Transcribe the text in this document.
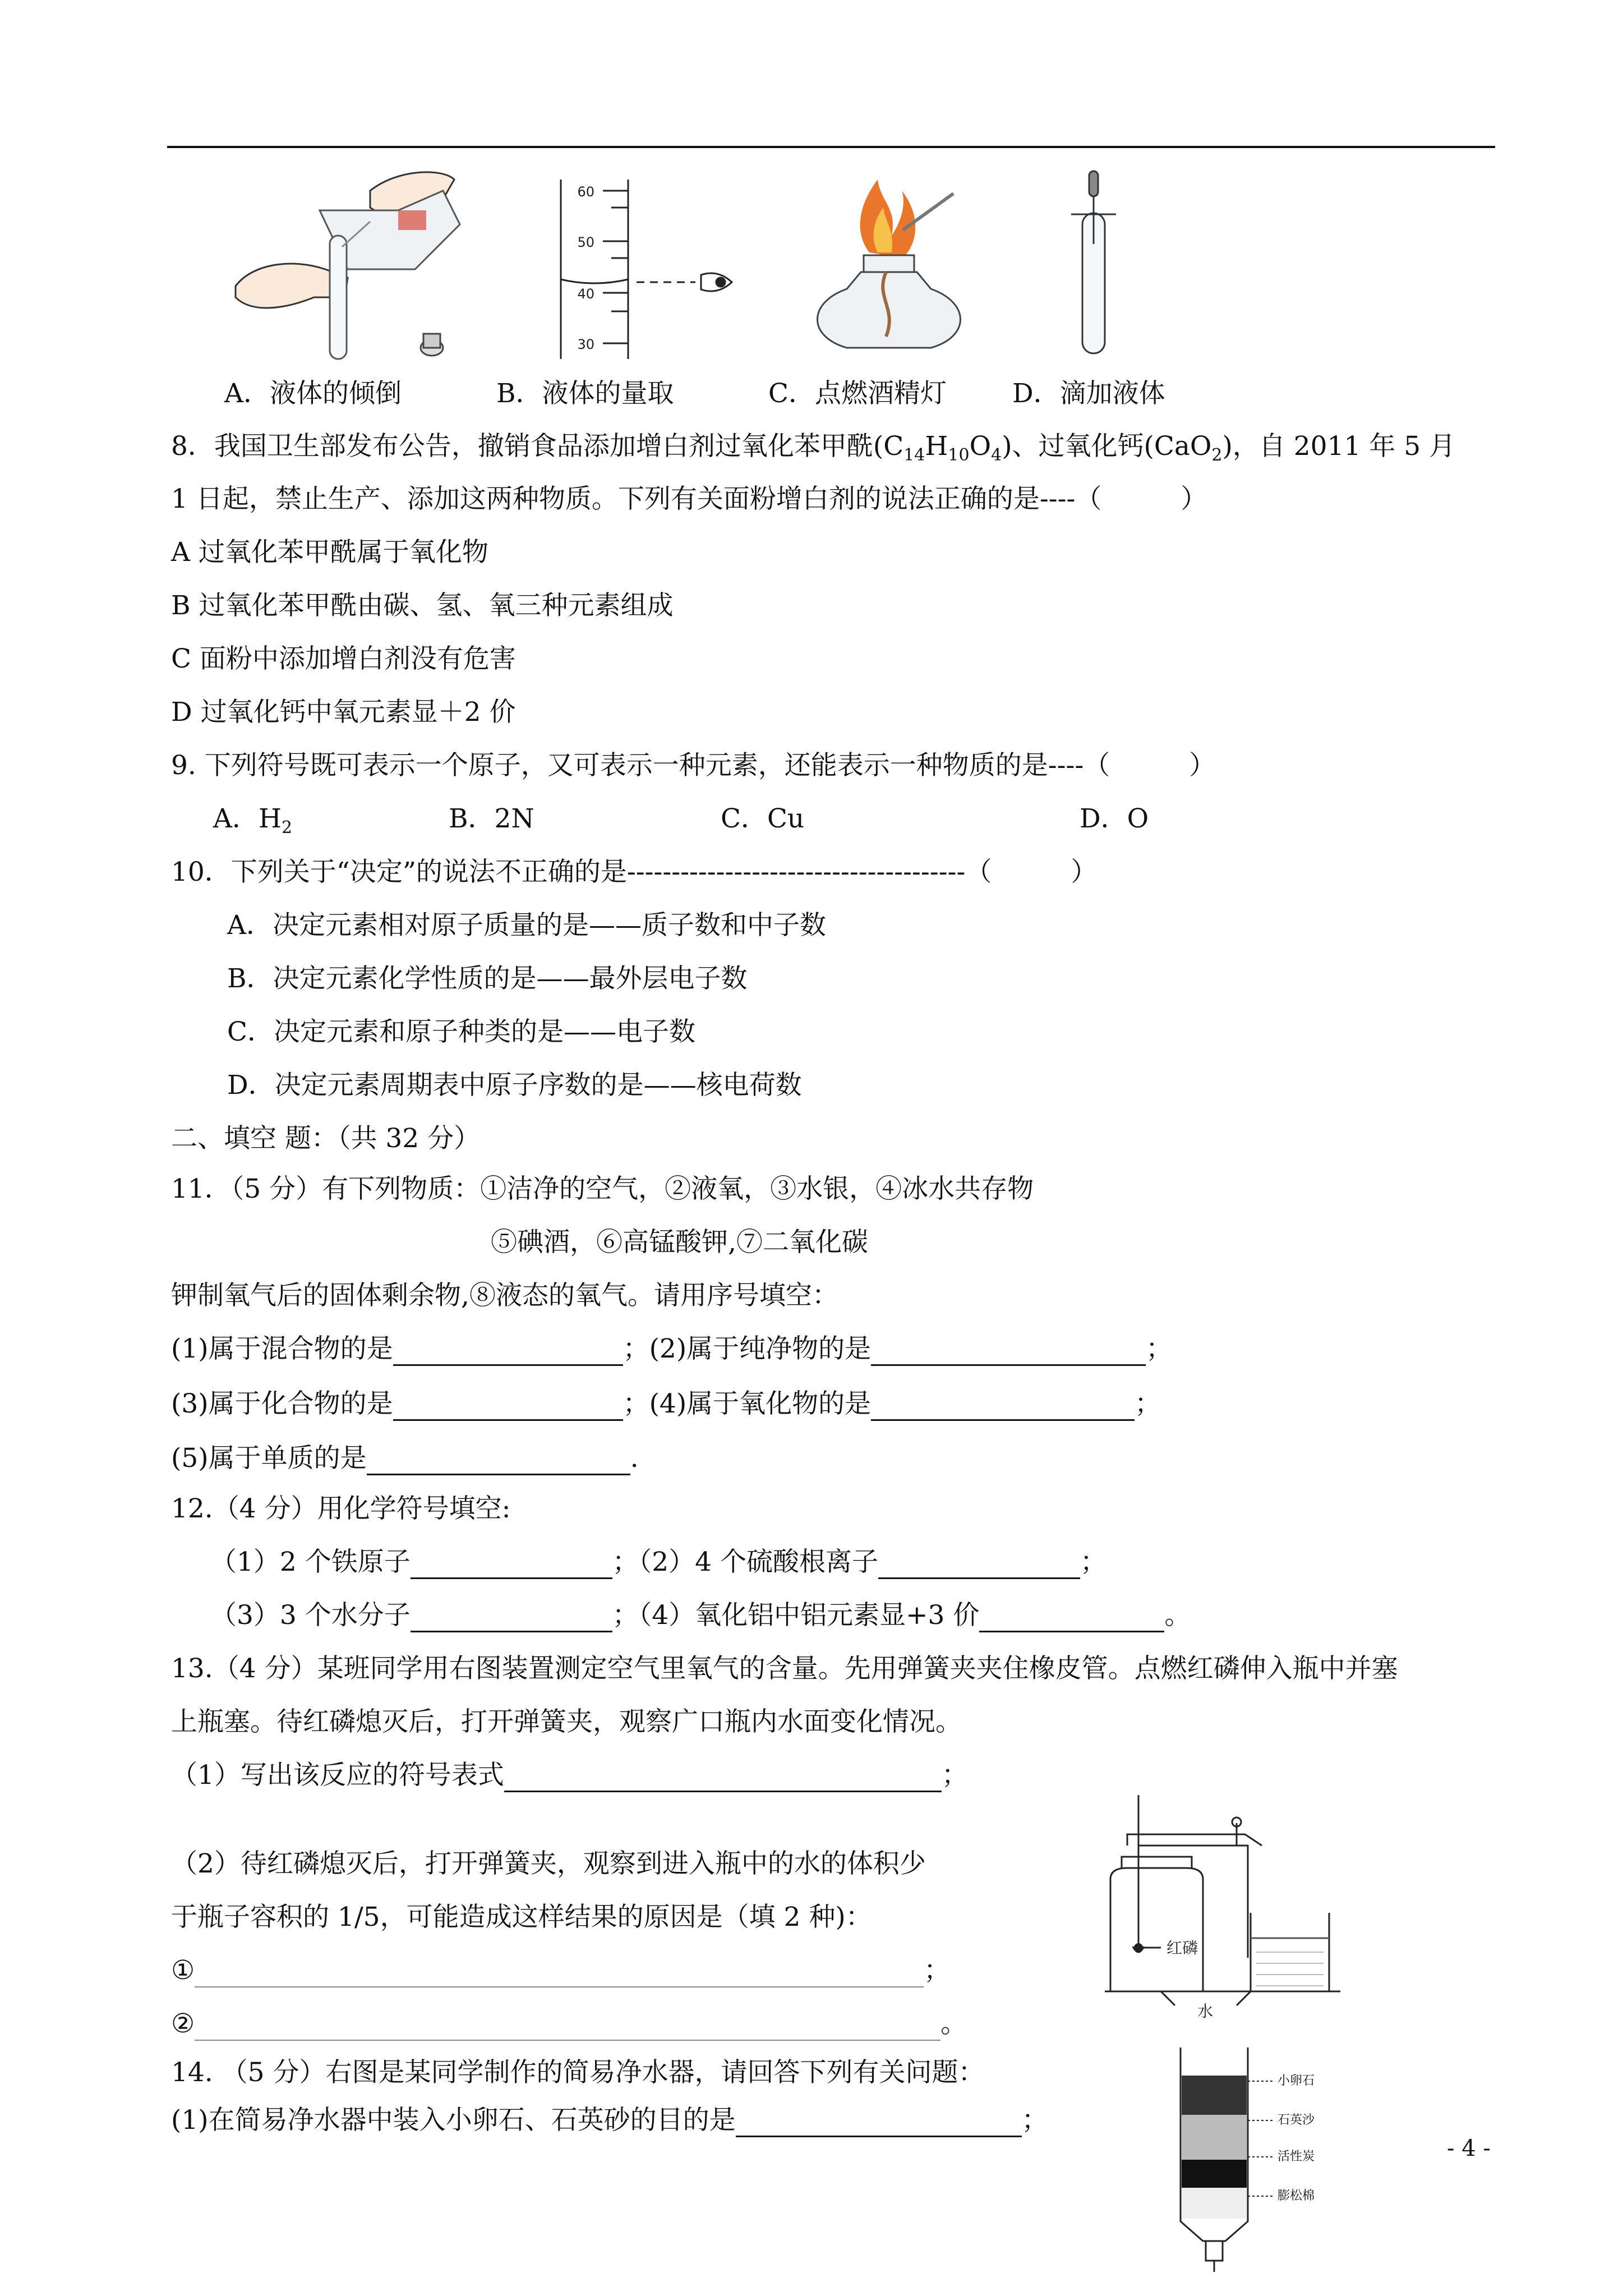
60
50
40
30
A．液体的倾倒	B．液体的量取	C．点燃酒精灯 D．滴加液体
8．我国卫生部发布公告，撤销食品添加增白剂过氧化苯甲酰$(C_{14}H_{10}O_4)$、过氧化钙(CaO$_2$)，自 2011 年 5 月
1 日起，禁止生产、添加这两种物质。下列有关面粉增白剂的说法正确的是----（　　　）
A 过氧化苯甲酰属于氧化物
B 过氧化苯甲酰由碳、氢、氧三种元素组成
C 面粉中添加增白剂没有危害
D 过氧化钙中氧元素显＋2 价
9. 下列符号既可表示一个原子，又可表示一种元素，还能表示一种物质的是----（　　　）
A．$H_2$	B．2N	C．Cu	D．O
10．下列关于“决定”的说法不正确的是--------------------------------------（　　　）
A．决定元素相对原子质量的是——质子数和中子数
B．决定元素化学性质的是——最外层电子数
C．决定元素和原子种类的是——电子数
D．决定元素周期表中原子序数的是——核电荷数
二、填空 题：（共 32 分）
11．（5 分）有下列物质：①洁净的空气，②液氧，③水银，④冰水共存物
⑤碘酒，⑥高锰酸钾,⑦二氧化碳
钾制氧气后的固体剩余物,⑧液态的氧气。请用序号填空：
(1)属于混合物的是	；(2)属于纯净物的是	；
(3)属于化合物的是	；(4)属于氧化物的是	；
(5)属于单质的是	.
12.（4 分）用化学符号填空:
（1）2 个铁原子	；（2）4 个硫酸根离子	；
（3）3 个水分子	；（4）氧化铝中铝元素显+3 价	。
13.（4 分）某班同学用右图装置测定空气里氧气的含量。先用弹簧夹夹住橡皮管。点燃红磷伸入瓶中并塞
上瓶塞。待红磷熄灭后，打开弹簧夹，观察广口瓶内水面变化情况。
（1）写出该反应的符号表式	；
（2）待红磷熄灭后，打开弹簧夹，观察到进入瓶中的水的体积少
于瓶子容积的 1/5，可能造成这样结果的原因是（填 2 种)：
①	；
②	。
红磷
水
14. （5 分）右图是某同学制作的简易净水器，请回答下列有关问题：
(1)在简易净水器中装入小卵石、石英砂的目的是	；
小卵石
石英沙
活性炭
膨松棉
- 4 -
